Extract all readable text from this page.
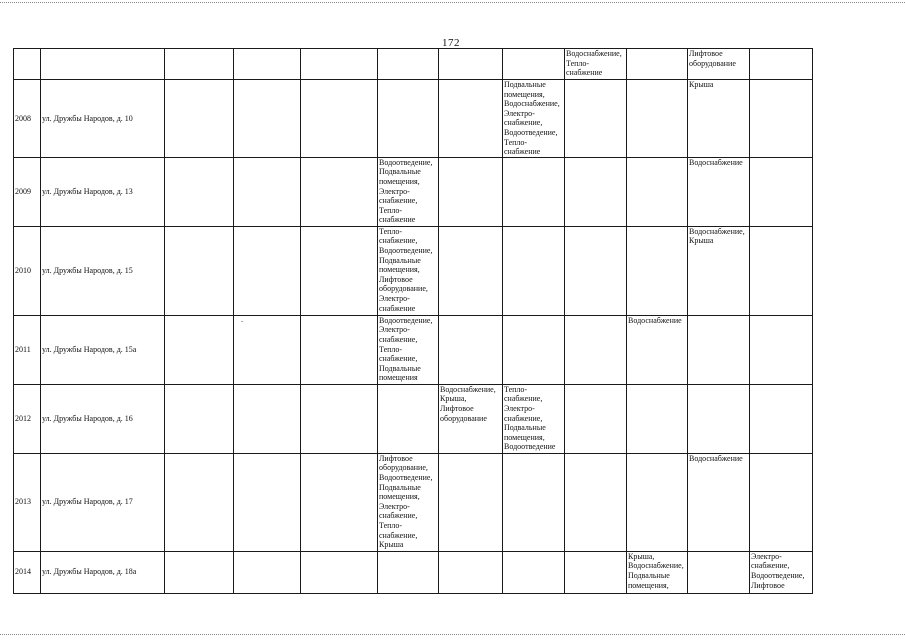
172
								Водоснабжение, Тепло-снабжение		Лифтовое оборудование	
2008	ул. Дружбы Народов, д. 10						Подвальные помещения, Водоснабжение, Электро-снабжение, Водоотведение, Тепло-снабжение			Крыша	
2009	ул. Дружбы Народов, д. 13				Водоотведение, Подвальные помещения, Электро-снабжение, Тепло-снабжение					Водоснабжение	
2010	ул. Дружбы Народов, д. 15				Тепло-снабжение, Водоотведение, Подвальные помещения, Лифтовое оборудование, Электро-снабжение					Водоснабжение, Крыша	
2011	ул. Дружбы Народов, д. 15а		-		Водоотведение, Электро-снабжение, Тепло-снабжение, Подвальные помещения				Водоснабжение		
2012	ул. Дружбы Народов, д. 16					Водоснабжение, Крыша, Лифтовое оборудование	Тепло-снабжение, Электро-снабжение, Подвальные помещения, Водоотведение				
2013	ул. Дружбы Народов, д. 17				Лифтовое оборудование, Водоотведение, Подвальные помещения, Электро-снабжение, Тепло-снабжение, Крыша					Водоснабжение	
2014	ул. Дружбы Народов, д. 18а								Крыша, Водоснабжение, Подвальные помещения,		Электро-снабжение, Водоотведение, Лифтовое
